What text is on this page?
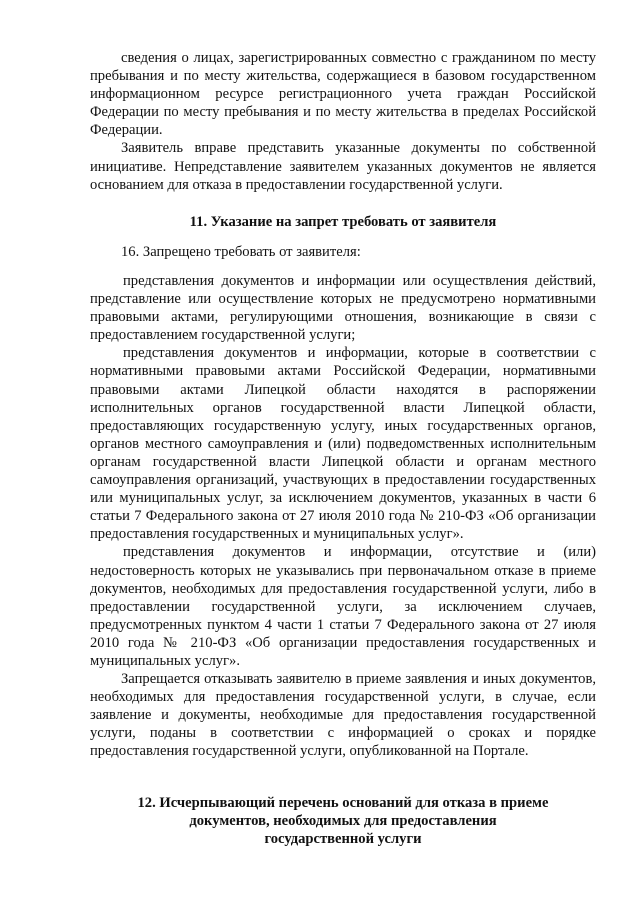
сведения о лицах, зарегистрированных совместно с гражданином по месту пребывания и по месту жительства, содержащиеся в базовом государственном информационном ресурсе регистрационного учета граждан Российской Федерации по месту пребывания и по месту жительства в пределах Российской Федерации.

Заявитель вправе представить указанные документы по собственной инициативе. Непредставление заявителем указанных документов не является основанием для отказа в предоставлении государственной услуги.

11. Указание на запрет требовать от заявителя

16. Запрещено требовать от заявителя:

представления документов и информации или осуществления действий, представление или осуществление которых не предусмотрено нормативными правовыми актами, регулирующими отношения, возникающие в связи с предоставлением государственной услуги;

представления документов и информации, которые в соответствии с нормативными правовыми актами Российской Федерации, нормативными правовыми актами Липецкой области находятся в распоряжении исполнительных органов государственной власти Липецкой области, предоставляющих государственную услугу, иных государственных органов, органов местного самоуправления и (или) подведомственных исполнительным органам государственной власти Липецкой области и органам местного самоуправления организаций, участвующих в предоставлении государственных или муниципальных услуг, за исключением документов, указанных в части 6 статьи 7 Федерального закона от 27 июля 2010 года № 210-ФЗ «Об организации предоставления государственных и муниципальных услуг».

представления документов и информации, отсутствие и (или) недостоверность которых не указывались при первоначальном отказе в приеме документов, необходимых для предоставления государственной услуги, либо в предоставлении государственной услуги, за исключением случаев, предусмотренных пунктом 4 части 1 статьи 7 Федерального закона от 27 июля 2010 года № 210-ФЗ «Об организации предоставления государственных и муниципальных услуг».

Запрещается отказывать заявителю в приеме заявления и иных документов, необходимых для предоставления государственной услуги, в случае, если заявление и документы, необходимые для предоставления государственной услуги, поданы в соответствии с информацией о сроках и порядке предоставления государственной услуги, опубликованной на Портале.

12. Исчерпывающий перечень оснований для отказа в приеме
документов, необходимых для предоставления
государственной услуги
